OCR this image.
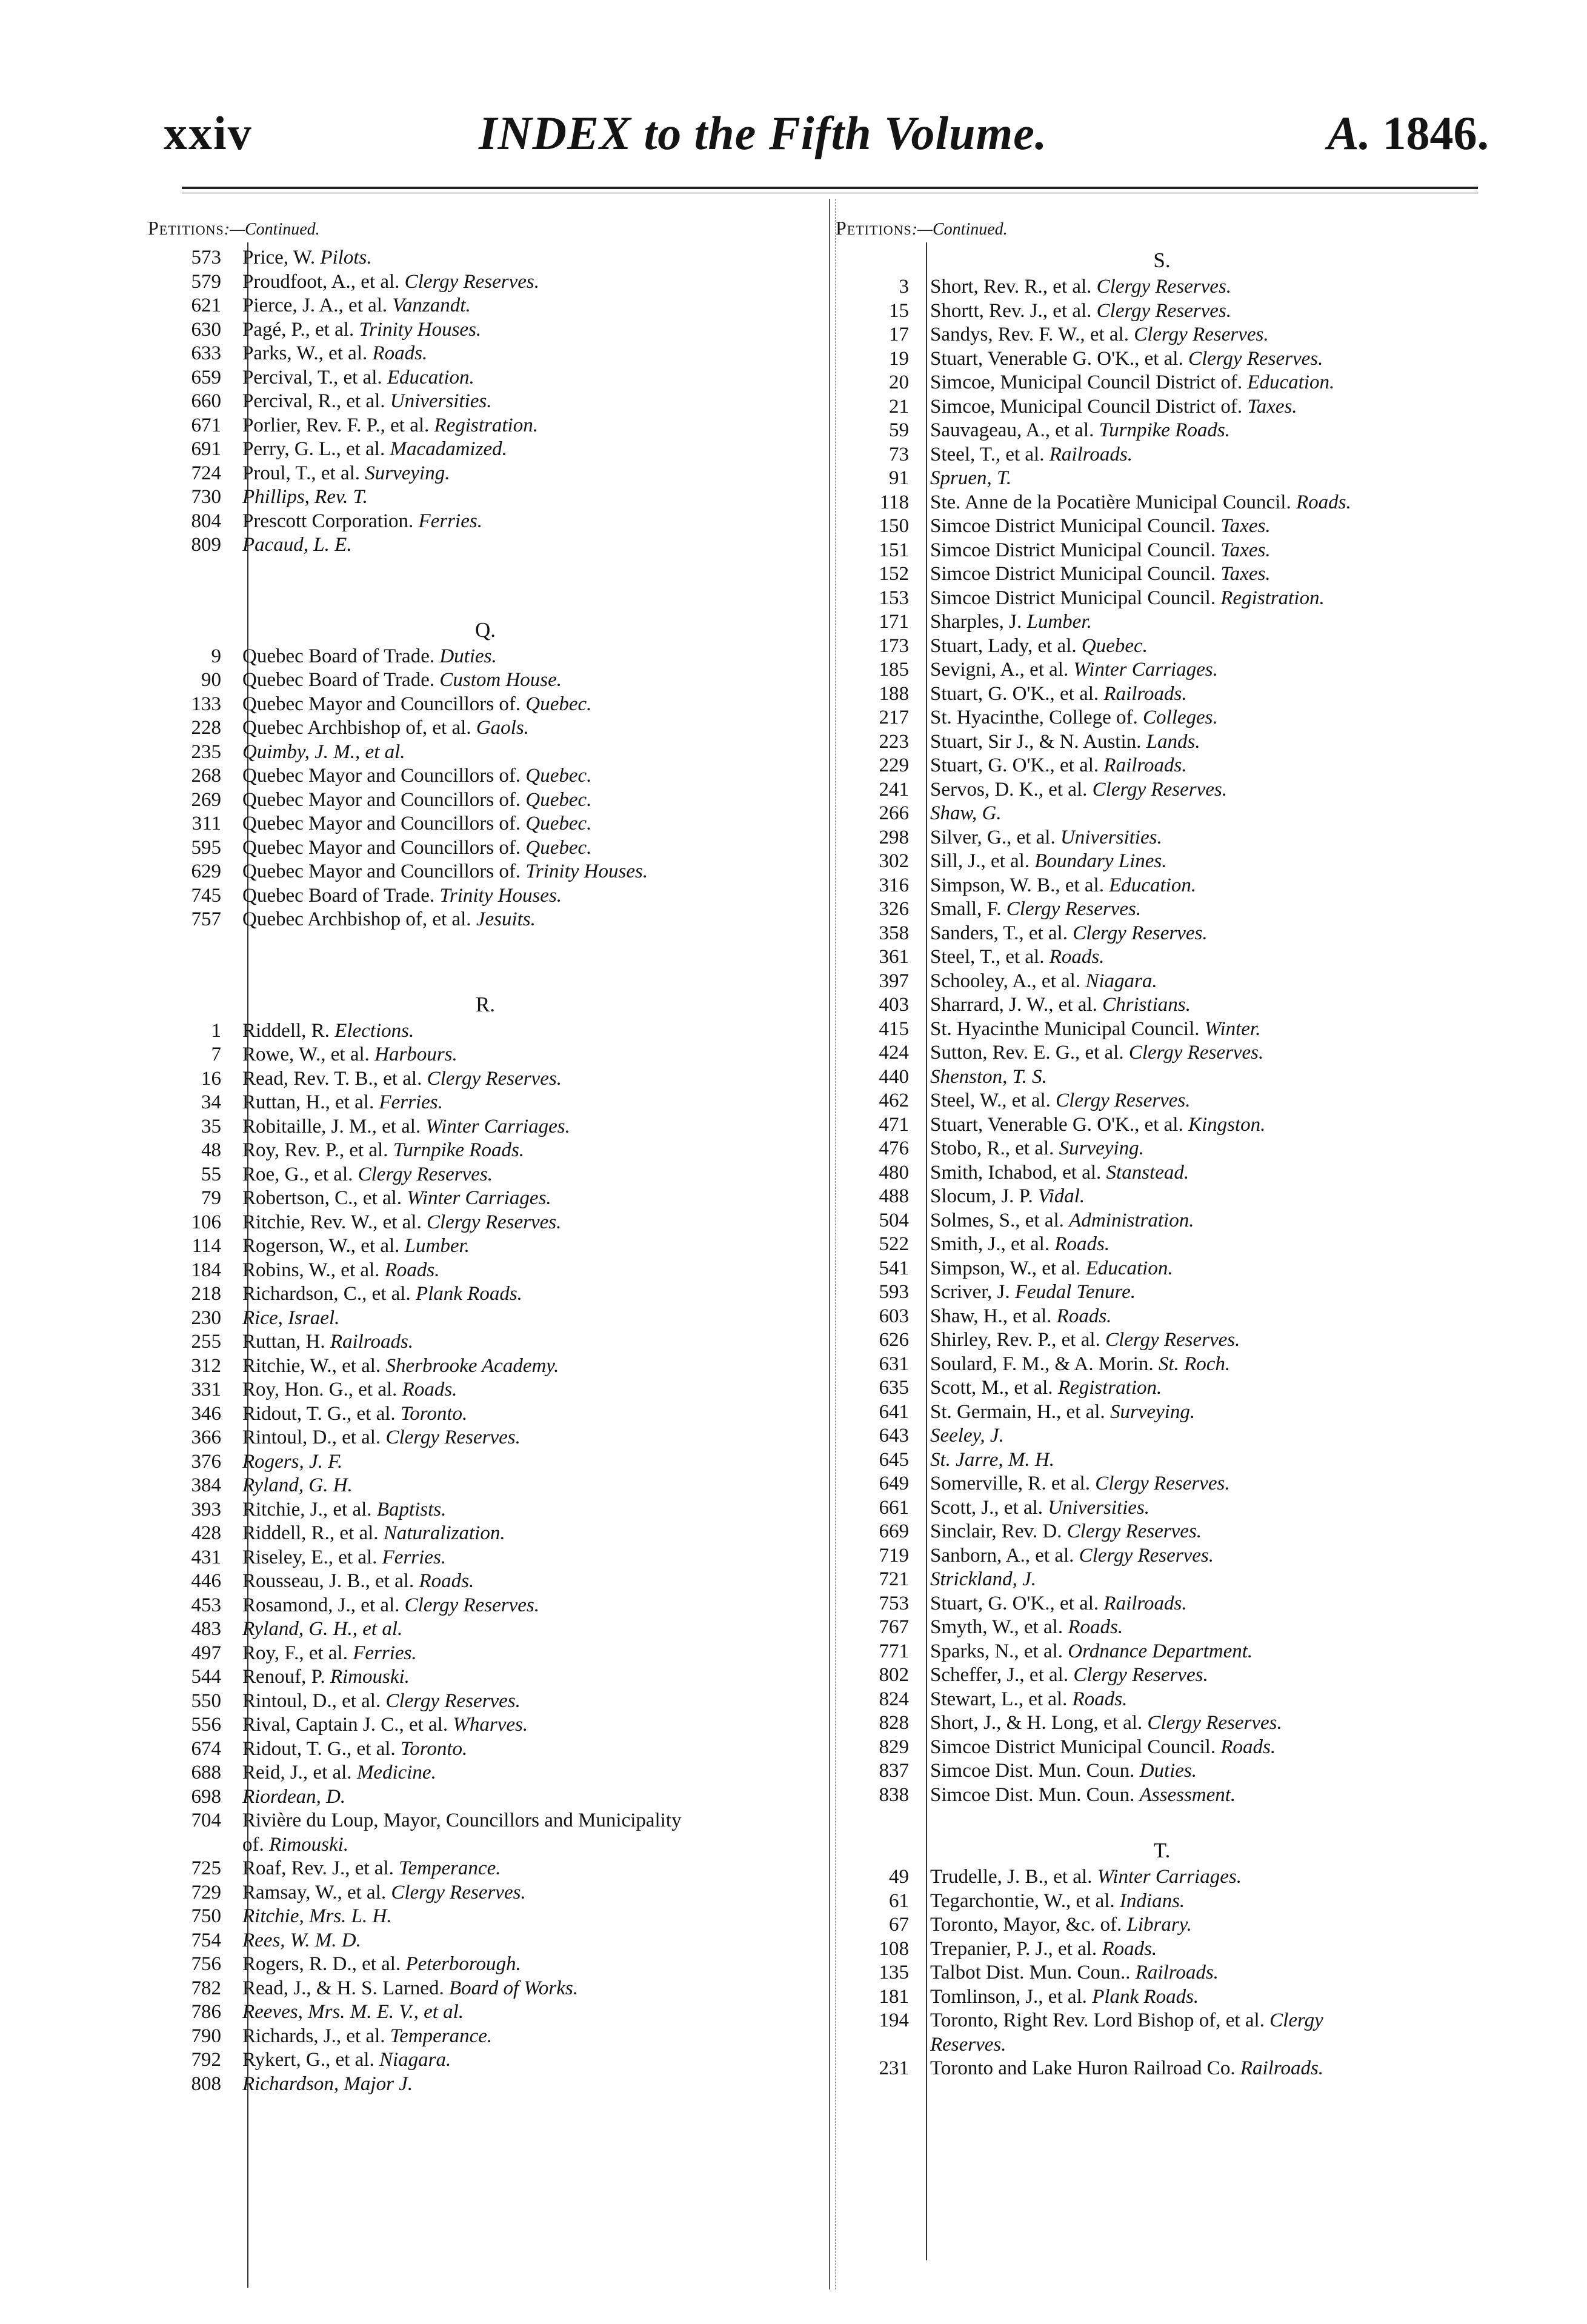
xxiv	INDEX to the Fifth Volume.	A. 1846.
Petitions:—Continued.
573	Price, W. Pilots.
579	Proudfoot, A., et al. Clergy Reserves.
621	Pierce, J. A., et al. Vanzandt.
630	Pagé, P., et al. Trinity Houses.
633	Parks, W., et al. Roads.
659	Percival, T., et al. Education.
660	Percival, R., et al. Universities.
671	Porlier, Rev. F. P., et al. Registration.
691	Perry, G. L., et al. Macadamized.
724	Proul, T., et al. Surveying.
730	Phillips, Rev. T.
804	Prescott Corporation. Ferries.
809	Pacaud, L. E.
Q.
9	Quebec Board of Trade. Duties.
90	Quebec Board of Trade. Custom House.
133	Quebec Mayor and Councillors of. Quebec.
228	Quebec Archbishop of, et al. Gaols.
235	Quimby, J. M., et al.
268	Quebec Mayor and Councillors of. Quebec.
269	Quebec Mayor and Councillors of. Quebec.
311	Quebec Mayor and Councillors of. Quebec.
595	Quebec Mayor and Councillors of. Quebec.
629	Quebec Mayor and Councillors of. Trinity Houses.
745	Quebec Board of Trade. Trinity Houses.
757	Quebec Archbishop of, et al. Jesuits.
R.
1	Riddell, R. Elections.
7	Rowe, W., et al. Harbours.
16	Read, Rev. T. B., et al. Clergy Reserves.
34	Ruttan, H., et al. Ferries.
35	Robitaille, J. M., et al. Winter Carriages.
48	Roy, Rev. P., et al. Turnpike Roads.
55	Roe, G., et al. Clergy Reserves.
79	Robertson, C., et al. Winter Carriages.
106	Ritchie, Rev. W., et al. Clergy Reserves.
114	Rogerson, W., et al. Lumber.
184	Robins, W., et al. Roads.
218	Richardson, C., et al. Plank Roads.
230	Rice, Israel.
255	Ruttan, H. Railroads.
312	Ritchie, W., et al. Sherbrooke Academy.
331	Roy, Hon. G., et al. Roads.
346	Ridout, T. G., et al. Toronto.
366	Rintoul, D., et al. Clergy Reserves.
376	Rogers, J. F.
384	Ryland, G. H.
393	Ritchie, J., et al. Baptists.
428	Riddell, R., et al. Naturalization.
431	Riseley, E., et al. Ferries.
446	Rousseau, J. B., et al. Roads.
453	Rosamond, J., et al. Clergy Reserves.
483	Ryland, G. H., et al.
497	Roy, F., et al. Ferries.
544	Renouf, P. Rimouski.
550	Rintoul, D., et al. Clergy Reserves.
556	Rival, Captain J. C., et al. Wharves.
674	Ridout, T. G., et al. Toronto.
688	Reid, J., et al. Medicine.
698	Riordean, D.
704	Rivière du Loup, Mayor, Councillors and Municipality
of. Rimouski.
725	Roaf, Rev. J., et al. Temperance.
729	Ramsay, W., et al. Clergy Reserves.
750	Ritchie, Mrs. L. H.
754	Rees, W. M. D.
756	Rogers, R. D., et al. Peterborough.
782	Read, J., & H. S. Larned. Board of Works.
786	Reeves, Mrs. M. E. V., et al.
790	Richards, J., et al. Temperance.
792	Rykert, G., et al. Niagara.
808	Richardson, Major J.
Petitions:—Continued.
S.
3	Short, Rev. R., et al. Clergy Reserves.
15	Shortt, Rev. J., et al. Clergy Reserves.
17	Sandys, Rev. F. W., et al. Clergy Reserves.
19	Stuart, Venerable G. O'K., et al. Clergy Reserves.
20	Simcoe, Municipal Council District of. Education.
21	Simcoe, Municipal Council District of. Taxes.
59	Sauvageau, A., et al. Turnpike Roads.
73	Steel, T., et al. Railroads.
91	Spruen, T.
118	Ste. Anne de la Pocatière Municipal Council. Roads.
150	Simcoe District Municipal Council. Taxes.
151	Simcoe District Municipal Council. Taxes.
152	Simcoe District Municipal Council. Taxes.
153	Simcoe District Municipal Council. Registration.
171	Sharples, J. Lumber.
173	Stuart, Lady, et al. Quebec.
185	Sevigni, A., et al. Winter Carriages.
188	Stuart, G. O'K., et al. Railroads.
217	St. Hyacinthe, College of. Colleges.
223	Stuart, Sir J., & N. Austin. Lands.
229	Stuart, G. O'K., et al. Railroads.
241	Servos, D. K., et al. Clergy Reserves.
266	Shaw, G.
298	Silver, G., et al. Universities.
302	Sill, J., et al. Boundary Lines.
316	Simpson, W. B., et al. Education.
326	Small, F. Clergy Reserves.
358	Sanders, T., et al. Clergy Reserves.
361	Steel, T., et al. Roads.
397	Schooley, A., et al. Niagara.
403	Sharrard, J. W., et al. Christians.
415	St. Hyacinthe Municipal Council. Winter.
424	Sutton, Rev. E. G., et al. Clergy Reserves.
440	Shenston, T. S.
462	Steel, W., et al. Clergy Reserves.
471	Stuart, Venerable G. O'K., et al. Kingston.
476	Stobo, R., et al. Surveying.
480	Smith, Ichabod, et al. Stanstead.
488	Slocum, J. P. Vidal.
504	Solmes, S., et al. Administration.
522	Smith, J., et al. Roads.
541	Simpson, W., et al. Education.
593	Scriver, J. Feudal Tenure.
603	Shaw, H., et al. Roads.
626	Shirley, Rev. P., et al. Clergy Reserves.
631	Soulard, F. M., & A. Morin. St. Roch.
635	Scott, M., et al. Registration.
641	St. Germain, H., et al. Surveying.
643	Seeley, J.
645	St. Jarre, M. H.
649	Somerville, R. et al. Clergy Reserves.
661	Scott, J., et al. Universities.
669	Sinclair, Rev. D. Clergy Reserves.
719	Sanborn, A., et al. Clergy Reserves.
721	Strickland, J.
753	Stuart, G. O'K., et al. Railroads.
767	Smyth, W., et al. Roads.
771	Sparks, N., et al. Ordnance Department.
802	Scheffer, J., et al. Clergy Reserves.
824	Stewart, L., et al. Roads.
828	Short, J., & H. Long, et al. Clergy Reserves.
829	Simcoe District Municipal Council. Roads.
837	Simcoe Dist. Mun. Coun. Duties.
838	Simcoe Dist. Mun. Coun. Assessment.
T.
49	Trudelle, J. B., et al. Winter Carriages.
61	Tegarchontie, W., et al. Indians.
67	Toronto, Mayor, &c. of. Library.
108	Trepanier, P. J., et al. Roads.
135	Talbot Dist. Mun. Coun.. Railroads.
181	Tomlinson, J., et al. Plank Roads.
194	Toronto, Right Rev. Lord Bishop of, et al. Clergy
Reserves.
231	Toronto and Lake Huron Railroad Co. Railroads.
